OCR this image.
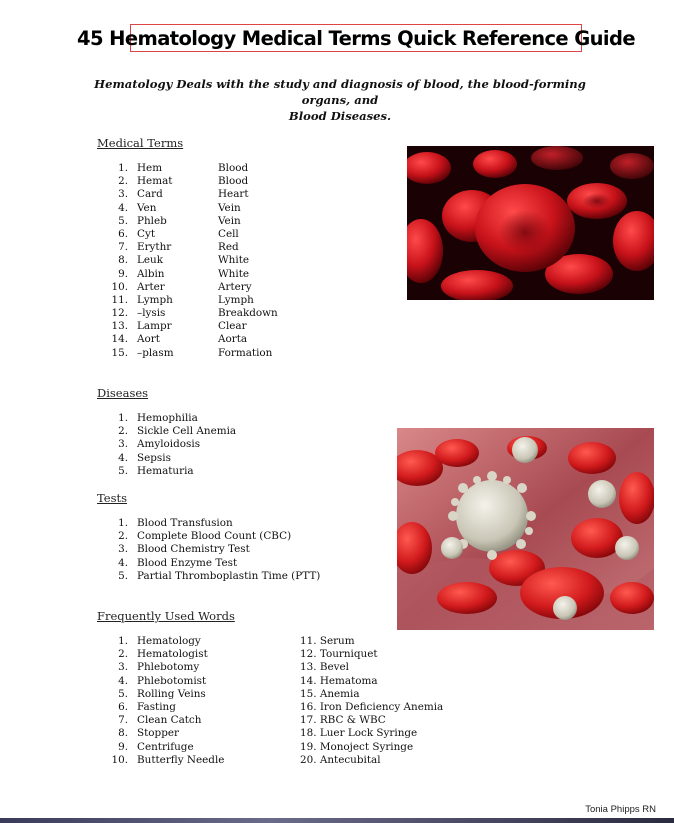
45 Hematology Medical Terms Quick Reference Guide
Hematology Deals with the study and diagnosis of blood, the blood-forming organs, and
Blood Diseases.
Medical Terms
1. Hem	Blood
2. Hemat	Blood
3. Card	Heart
4. Ven	Vein
5. Phleb	Vein
6. Cyt	Cell
7. Erythr	Red
8. Leuk	White
9. Albin	White
10. Arter	Artery
11. Lymph	Lymph
12. –lysis	Breakdown
13. Lampr	Clear
14. Aort	Aorta
15. –plasm	Formation
Diseases
1. Hemophilia
2. Sickle Cell Anemia
3. Amyloidosis
4. Sepsis
5. Hematuria
Tests
1. Blood Transfusion
2. Complete Blood Count (CBC)
3. Blood Chemistry Test
4. Blood Enzyme Test
5. Partial Thromboplastin Time (PTT)
Frequently Used Words
1. Hematology
2. Hematologist
3. Phlebotomy
4. Phlebotomist
5. Rolling Veins
6. Fasting
7. Clean Catch
8. Stopper
9. Centrifuge
10. Butterfly Needle
11. Serum
12. Tourniquet
13. Bevel
14. Hematoma
15. Anemia
16. Iron Deficiency Anemia
17. RBC & WBC
18. Luer Lock Syringe
19. Monoject Syringe
20. Antecubital
Tonia Phipps RN
